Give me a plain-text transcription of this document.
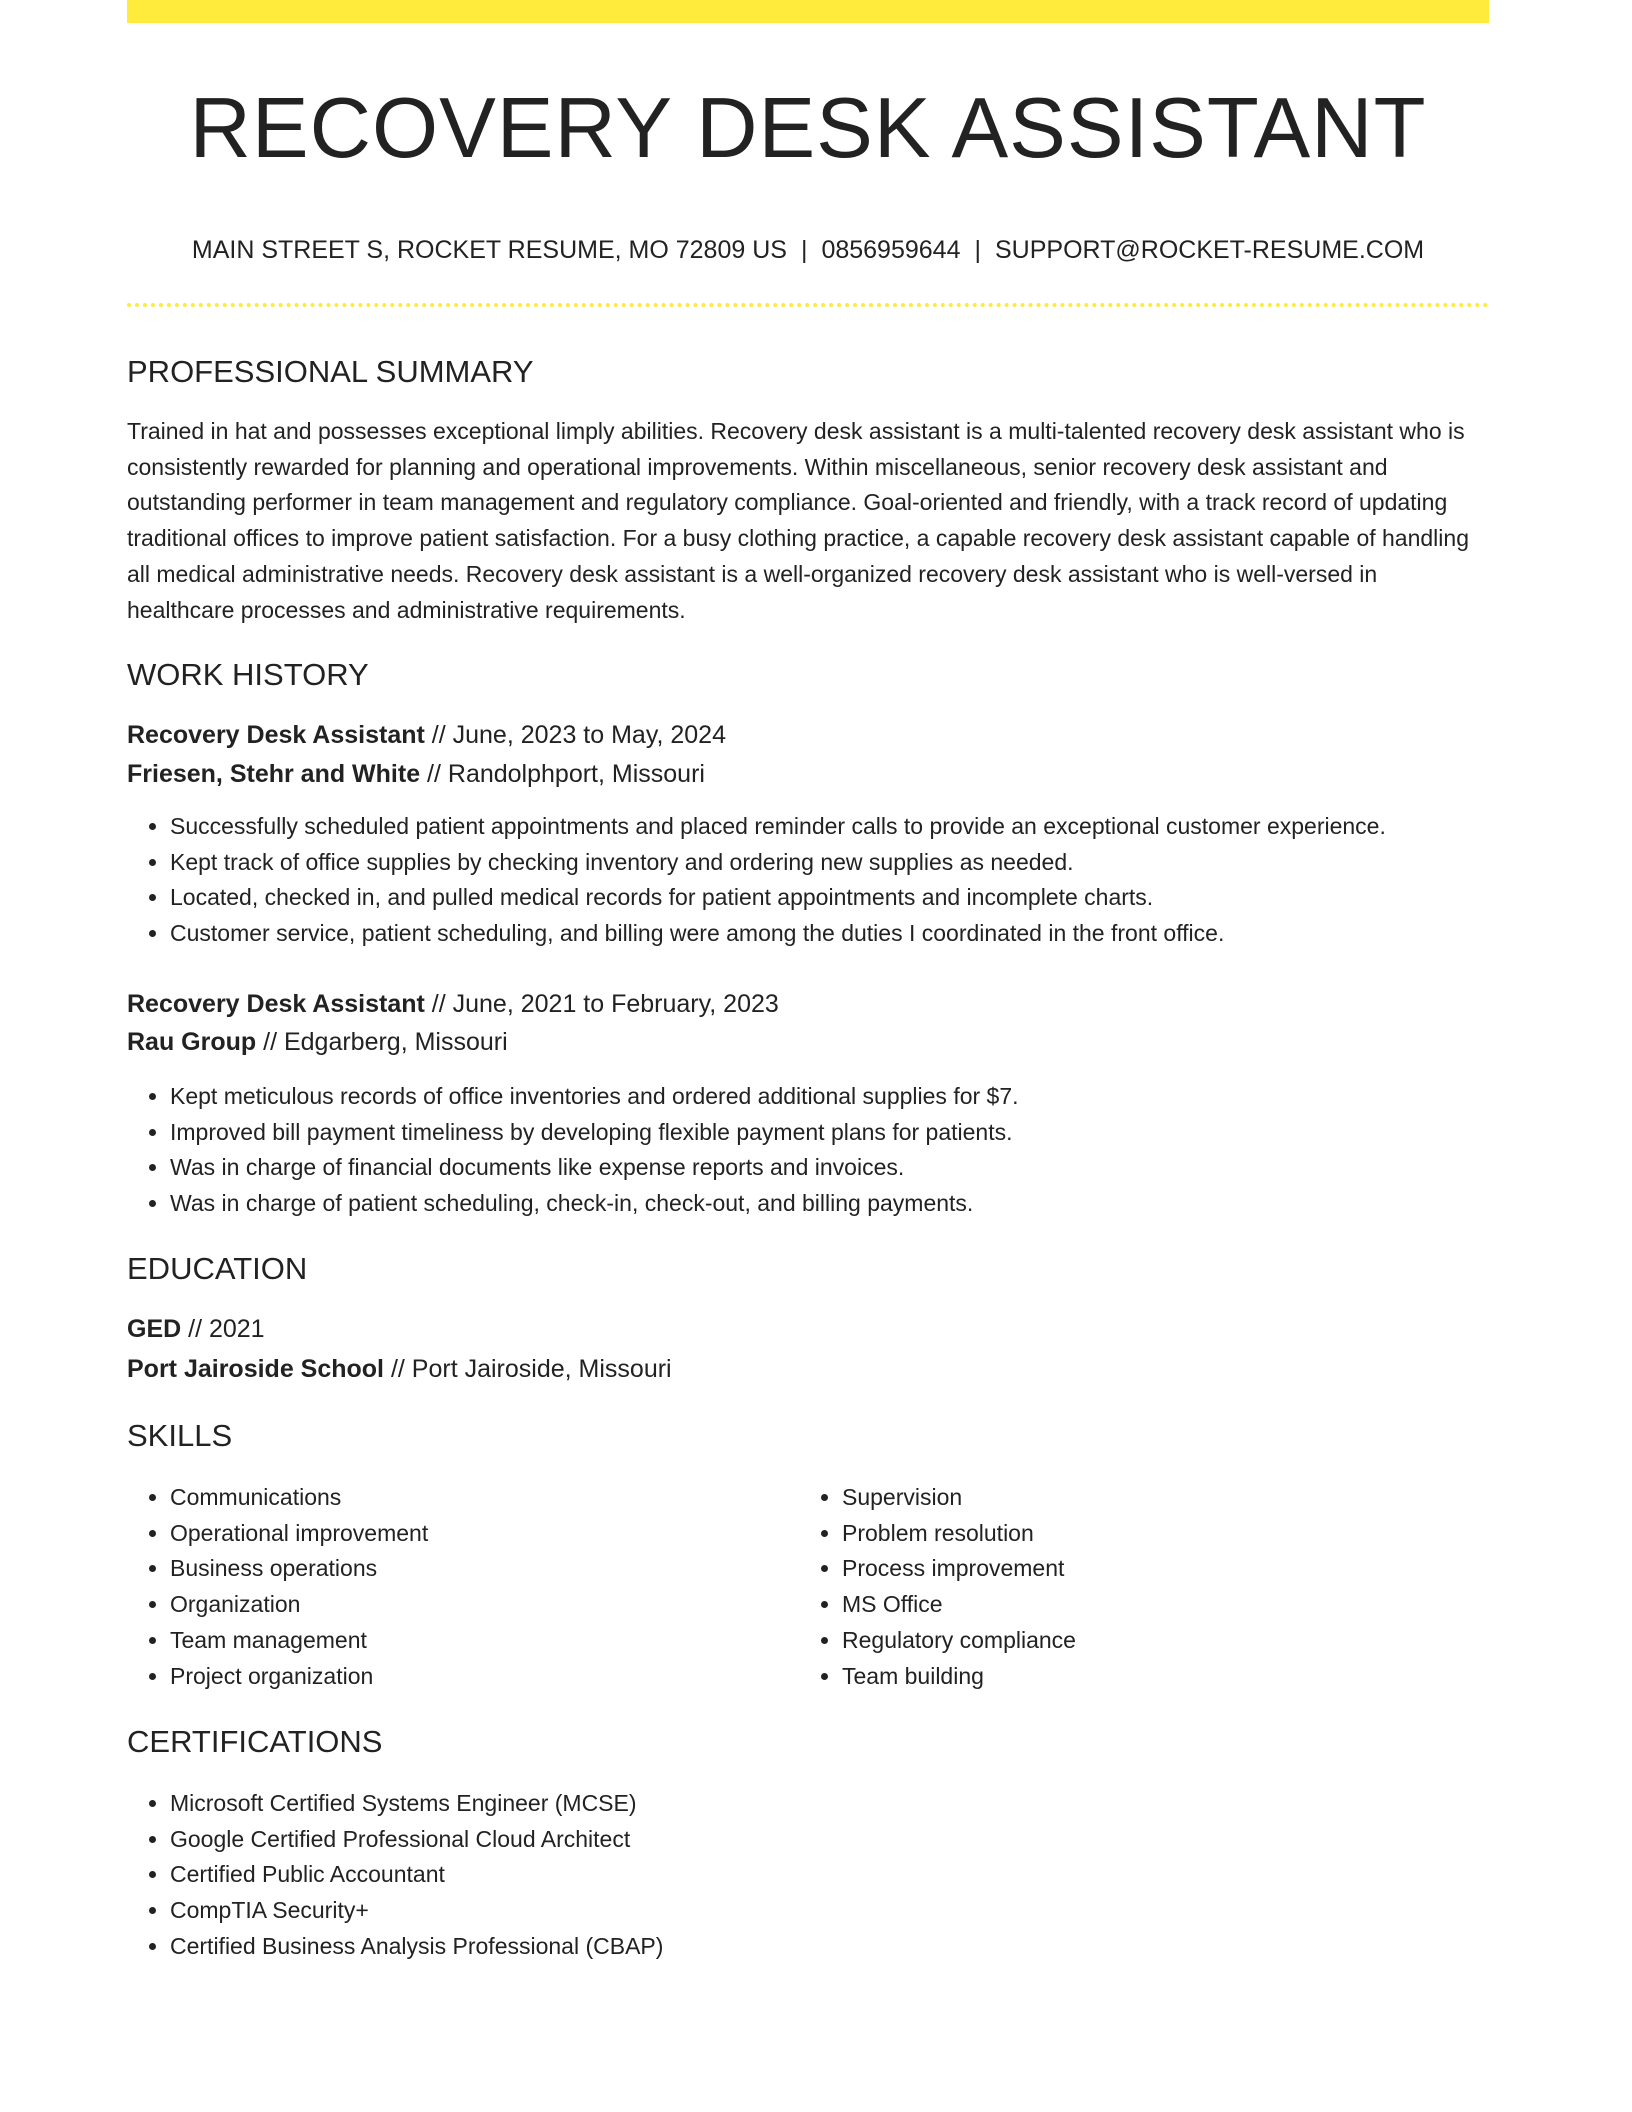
RECOVERY DESK ASSISTANT
MAIN STREET S, ROCKET RESUME, MO 72809 US | 0856959644 | SUPPORT@ROCKET-RESUME.COM
PROFESSIONAL SUMMARY

Trained in hat and possesses exceptional limply abilities. Recovery desk assistant is a multi-talented recovery desk assistant who is consistently rewarded for planning and operational improvements. Within miscellaneous, senior recovery desk assistant and outstanding performer in team management and regulatory compliance. Goal-oriented and friendly, with a track record of updating traditional offices to improve patient satisfaction. For a busy clothing practice, a capable recovery desk assistant capable of handling all medical administrative needs. Recovery desk assistant is a well-organized recovery desk assistant who is well-versed in healthcare processes and administrative requirements.

WORK HISTORY
Recovery Desk Assistant // June, 2023 to May, 2024
Friesen, Stehr and White // Randolphport, Missouri
• Successfully scheduled patient appointments and placed reminder calls to provide an exceptional customer experience.
• Kept track of office supplies by checking inventory and ordering new supplies as needed.
• Located, checked in, and pulled medical records for patient appointments and incomplete charts.
• Customer service, patient scheduling, and billing were among the duties I coordinated in the front office.
Recovery Desk Assistant // June, 2021 to February, 2023
Rau Group // Edgarberg, Missouri
• Kept meticulous records of office inventories and ordered additional supplies for $7.
• Improved bill payment timeliness by developing flexible payment plans for patients.
• Was in charge of financial documents like expense reports and invoices.
• Was in charge of patient scheduling, check-in, check-out, and billing payments.
EDUCATION
GED // 2021
Port Jairoside School // Port Jairoside, Missouri
SKILLS
• Communications
• Operational improvement
• Business operations
• Organization
• Team management
• Project organization
• Supervision
• Problem resolution
• Process improvement
• MS Office
• Regulatory compliance
• Team building
CERTIFICATIONS
• Microsoft Certified Systems Engineer (MCSE)
• Google Certified Professional Cloud Architect
• Certified Public Accountant
• CompTIA Security+
• Certified Business Analysis Professional (CBAP)
